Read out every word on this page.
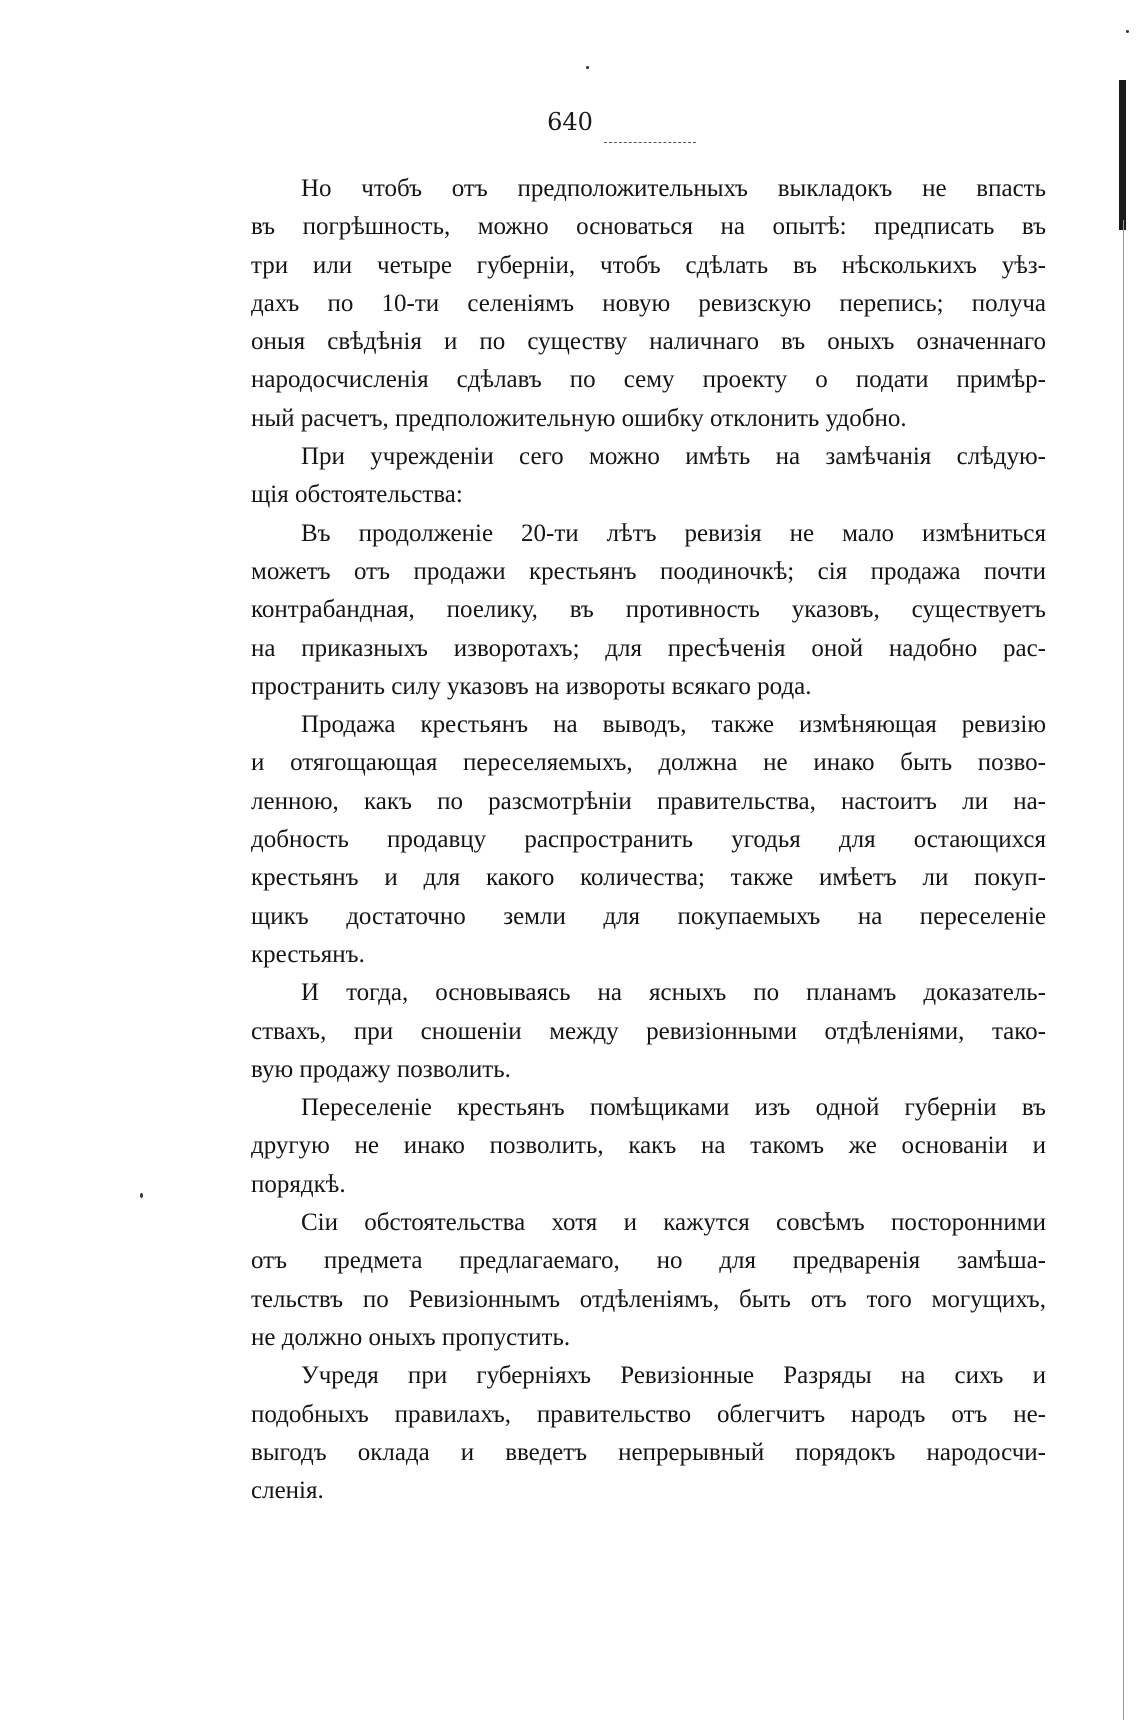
640

Но чтобъ отъ предположительныхъ выкладокъ не впасть
въ погрѣшность, можно основаться на опытѣ: предписать въ
три или четыре губерніи, чтобъ сдѣлать въ нѣсколькихъ уѣз-
дахъ по 10-ти селеніямъ новую ревизскую перепись; получа
оныя свѣдѣнія и по существу наличнаго въ оныхъ означеннаго
народосчисленія сдѣлавъ по сему проекту о подати примѣр-
ный расчетъ, предположительную ошибку отклонить удобно.

При учрежденіи сего можно имѣть на замѣчанія слѣдую-
щія обстоятельства:

Въ продолженіе 20-ти лѣтъ ревизія не мало измѣниться
можетъ отъ продажи крестьянъ поодиночкѣ; сія продажа почти
контрабандная, поелику, въ противность указовъ, существуетъ
на приказныхъ изворотахъ; для пресѣченія оной надобно рас-
пространить силу указовъ на извороты всякаго рода.

Продажа крестьянъ на выводъ, также измѣняющая ревизію
и отягощающая переселяемыхъ, должна не инако быть позво-
ленною, какъ по разсмотрѣніи правительства, настоитъ ли на-
добность продавцу распространить угодья для остающихся
крестьянъ и для какого количества; также имѣетъ ли покуп-
щикъ достаточно земли для покупаемыхъ на переселеніе
крестьянъ.

И тогда, основываясь на ясныхъ по планамъ доказатель-
ствахъ, при сношеніи между ревизіонными отдѣленіями, тако-
вую продажу позволить.

Переселеніе крестьянъ помѣщиками изъ одной губерніи въ
другую не инако позволить, какъ на такомъ же основаніи и
порядкѣ.

Сіи обстоятельства хотя и кажутся совсѣмъ посторонними
отъ предмета предлагаемаго, но для предваренія замѣша-
тельствъ по Ревизіоннымъ отдѣленіямъ, быть отъ того могущихъ,
не должно оныхъ пропустить.

Учредя при губерніяхъ Ревизіонные Разряды на сихъ и
подобныхъ правилахъ, правительство облегчитъ народъ отъ не-
выгодъ оклада и введетъ непрерывный порядокъ народосчи-
сленія.
